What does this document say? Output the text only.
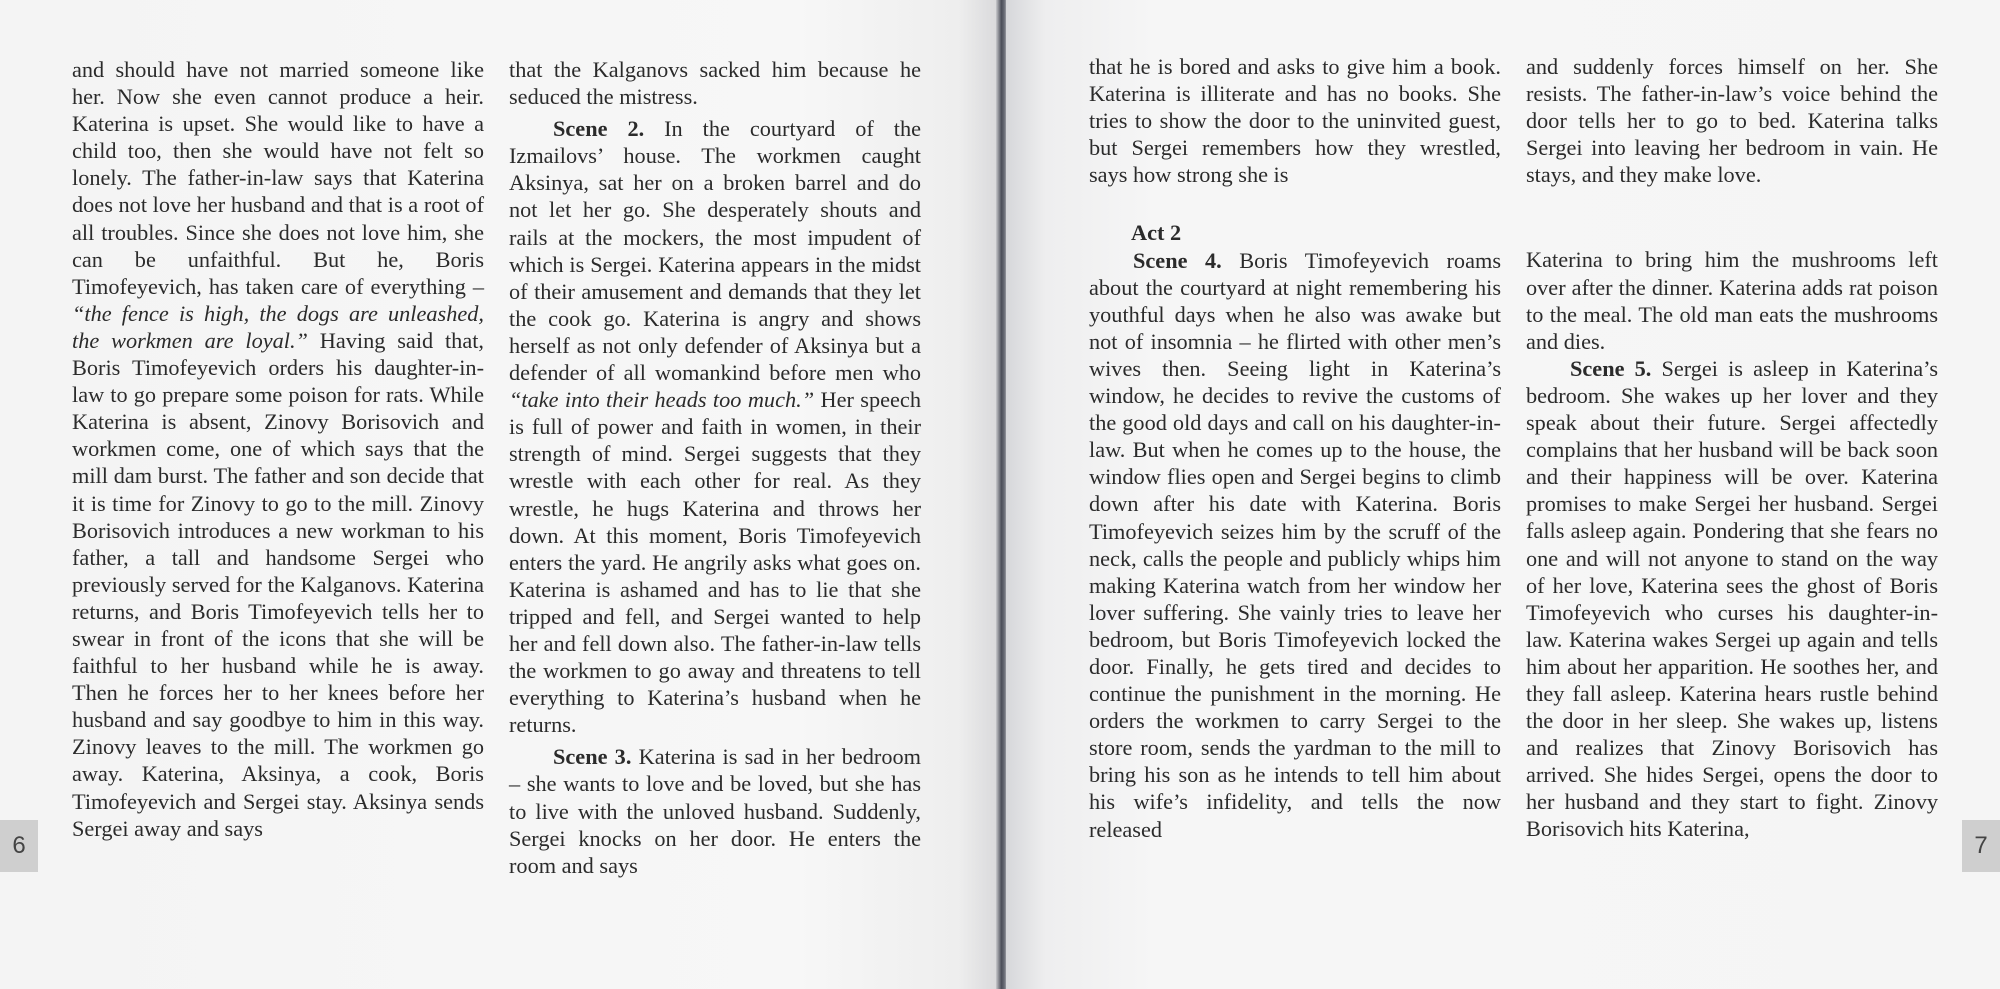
and should have not married someone like her. Now she even cannot produce a heir. Katerina is upset. She would like to have a child too, then she would have not felt so lonely. The father-in-law says that Katerina does not love her husband and that is a root of all troubles. Since she does not love him, she can be unfaithful. But he, Boris Timofeyevich, has taken care of everything – “the fence is high, the dogs are unleashed, the workmen are loyal.” Having said that, Boris Timofeyevich orders his daughter-in-law to go prepare some poison for rats. While Katerina is absent, Zinovy Borisovich and workmen come, one of which says that the mill dam burst. The father and son decide that it is time for Zinovy to go to the mill. Zinovy Borisovich introduces a new workman to his father, a tall and handsome Sergei who previously served for the Kalganovs. Katerina returns, and Boris Timofeyevich tells her to swear in front of the icons that she will be faithful to her husband while he is away. Then he forces her to her knees before her husband and say goodbye to him in this way. Zinovy leaves to the mill. The workmen go away. Katerina, Aksinya, a cook, Boris Timofeyevich and Sergei stay. Aksinya sends Sergei away and says

that the Kalganovs sacked him because he seduced the mistress.

Scene 2. In the courtyard of the Izmailovs’ house. The workmen caught Aksinya, sat her on a broken barrel and do not let her go. She desperately shouts and rails at the mockers, the most impudent of which is Sergei. Katerina appears in the midst of their amusement and demands that they let the cook go. Katerina is angry and shows herself as not only defender of Aksinya but a defender of all womankind before men who “take into their heads too much.” Her speech is full of power and faith in women, in their strength of mind. Sergei suggests that they wrestle with each other for real. As they wrestle, he hugs Katerina and throws her down. At this moment, Boris Timofeyevich enters the yard. He angrily asks what goes on. Katerina is ashamed and has to lie that she tripped and fell, and Sergei wanted to help her and fell down also. The father-in-law tells the workmen to go away and threatens to tell everything to Katerina’s husband when he returns.

Scene 3. Katerina is sad in her bedroom – she wants to love and be loved, but she has to live with the unloved husband. Suddenly, Sergei knocks on her door. He enters the room and says

6

that he is bored and asks to give him a book. Katerina is illiterate and has no books. She tries to show the door to the uninvited guest, but Sergei remembers how they wrestled, says how strong she is

Act 2

Scene 4. Boris Timofeyevich roams about the courtyard at night remembering his youthful days when he also was awake but not of insomnia – he flirted with other men’s wives then. Seeing light in Katerina’s window, he decides to revive the customs of the good old days and call on his daughter-in-law. But when he comes up to the house, the window flies open and Sergei begins to climb down after his date with Katerina. Boris Timofeyevich seizes him by the scruff of the neck, calls the people and publicly whips him making Katerina watch from her window her lover suffering. She vainly tries to leave her bedroom, but Boris Timofeyevich locked the door. Finally, he gets tired and decides to continue the punishment in the morning. He orders the workmen to carry Sergei to the store room, sends the yardman to the mill to bring his son as he intends to tell him about his wife’s infidelity, and tells the now released

and suddenly forces himself on her. She resists. The father-in-law’s voice behind the door tells her to go to bed. Katerina talks Sergei into leaving her bedroom in vain. He stays, and they make love.

Katerina to bring him the mushrooms left over after the dinner. Katerina adds rat poison to the meal. The old man eats the mushrooms and dies.

Scene 5. Sergei is asleep in Katerina’s bedroom. She wakes up her lover and they speak about their future. Sergei affectedly complains that her husband will be back soon and their happiness will be over. Katerina promises to make Sergei her husband. Sergei falls asleep again. Pondering that she fears no one and will not anyone to stand on the way of her love, Katerina sees the ghost of Boris Timofeyevich who curses his daughter-in-law. Katerina wakes Sergei up again and tells him about her apparition. He soothes her, and they fall asleep. Katerina hears rustle behind the door in her sleep. She wakes up, listens and realizes that Zinovy Borisovich has arrived. She hides Sergei, opens the door to her husband and they start to fight. Zinovy Borisovich hits Katerina,

7
